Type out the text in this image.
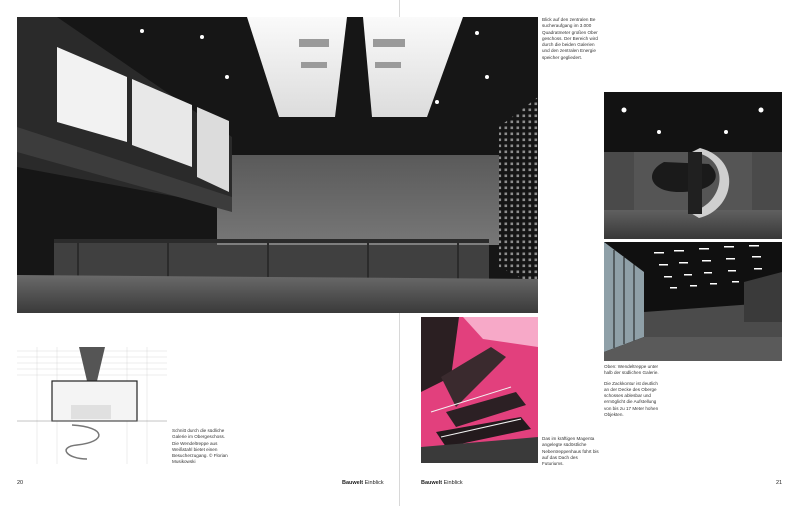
Schnitt durch die südliche Galerie im Obergeschoss. Die Wendeltreppe aus Weißstahl bietet einen Besucherzugang. © Florian Musikowski

20	Bauwelt Einblick

Blick auf den zentralen Be sucheraufgang im 3.000 Quadratmeter großen Ober geschoss. Der Bereich wird durch die beiden Galerien und den zentralen Energie speicher gegliedert.

Das im kräftigen Magenta angelegte südöstliche Nebentreppenhaus führt bis auf das Dach des Futuriums.

Oben: Wendeltreppe unter halb der südlichen Galerie.

Die Zackkontur ist deutlich an der Decke des Oberge schosses ablesbar und ermöglicht die Aufstellung von bis zu 17 Meter hohen Objekten.

Bauwelt Einblick	21
